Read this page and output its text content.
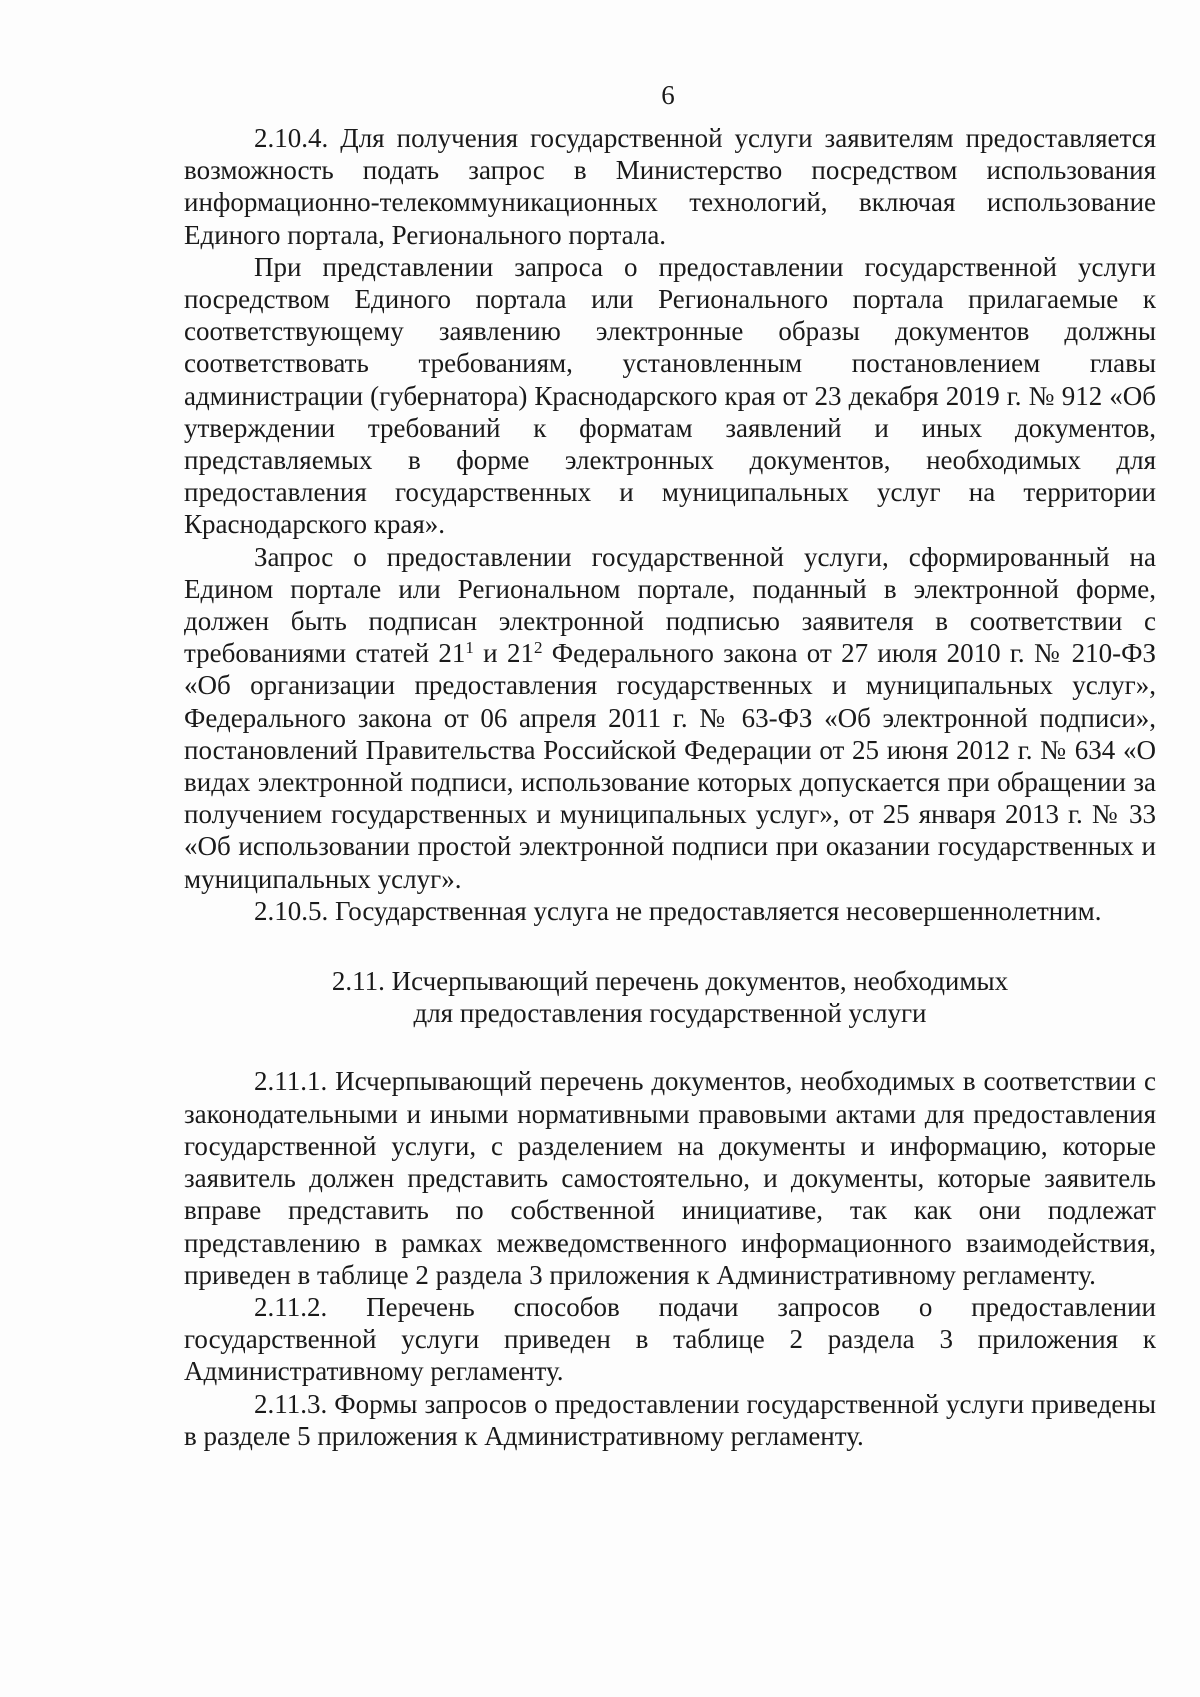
6

2.10.4. Для получения государственной услуги заявителям предоставляется возможность подать запрос в Министерство посредством использования информационно-телекоммуникационных технологий, включая использование Единого портала, Регионального портала.

При представлении запроса о предоставлении государственной услуги посредством Единого портала или Регионального портала прилагаемые к соответствующему заявлению электронные образы документов должны соответствовать требованиям, установленным постановлением главы администрации (губернатора) Краснодарского края от 23 декабря 2019 г. № 912 «Об утверждении требований к форматам заявлений и иных документов, представляемых в форме электронных документов, необходимых для предоставления государственных и муниципальных услуг на территории Краснодарского края».

Запрос о предоставлении государственной услуги, сформированный на Едином портале или Региональном портале, поданный в электронной форме, должен быть подписан электронной подписью заявителя в соответствии с требованиями статей $21^1$ и $21^2$ Федерального закона от 27 июля 2010 г. № 210-ФЗ «Об организации предоставления государственных и муниципальных услуг», Федерального закона от 06 апреля 2011 г. № 63-ФЗ «Об электронной подписи», постановлений Правительства Российской Федерации от 25 июня 2012 г. № 634 «О видах электронной подписи, использование которых допускается при обращении за получением государственных и муниципальных услуг», от 25 января 2013 г. № 33 «Об использовании простой электронной подписи при оказании государственных и муниципальных услуг».

2.10.5. Государственная услуга не предоставляется несовершеннолетним.

2.11. Исчерпывающий перечень документов, необходимых
для предоставления государственной услуги

2.11.1. Исчерпывающий перечень документов, необходимых в соответствии с законодательными и иными нормативными правовыми актами для предоставления государственной услуги, с разделением на документы и информацию, которые заявитель должен представить самостоятельно, и документы, которые заявитель вправе представить по собственной инициативе, так как они подлежат представлению в рамках межведомственного информационного взаимодействия, приведен в таблице 2 раздела 3 приложения к Административному регламенту.

2.11.2. Перечень способов подачи запросов о предоставлении государственной услуги приведен в таблице 2 раздела 3 приложения к Административному регламенту.

2.11.3. Формы запросов о предоставлении государственной услуги приведены в разделе 5 приложения к Административному регламенту.
